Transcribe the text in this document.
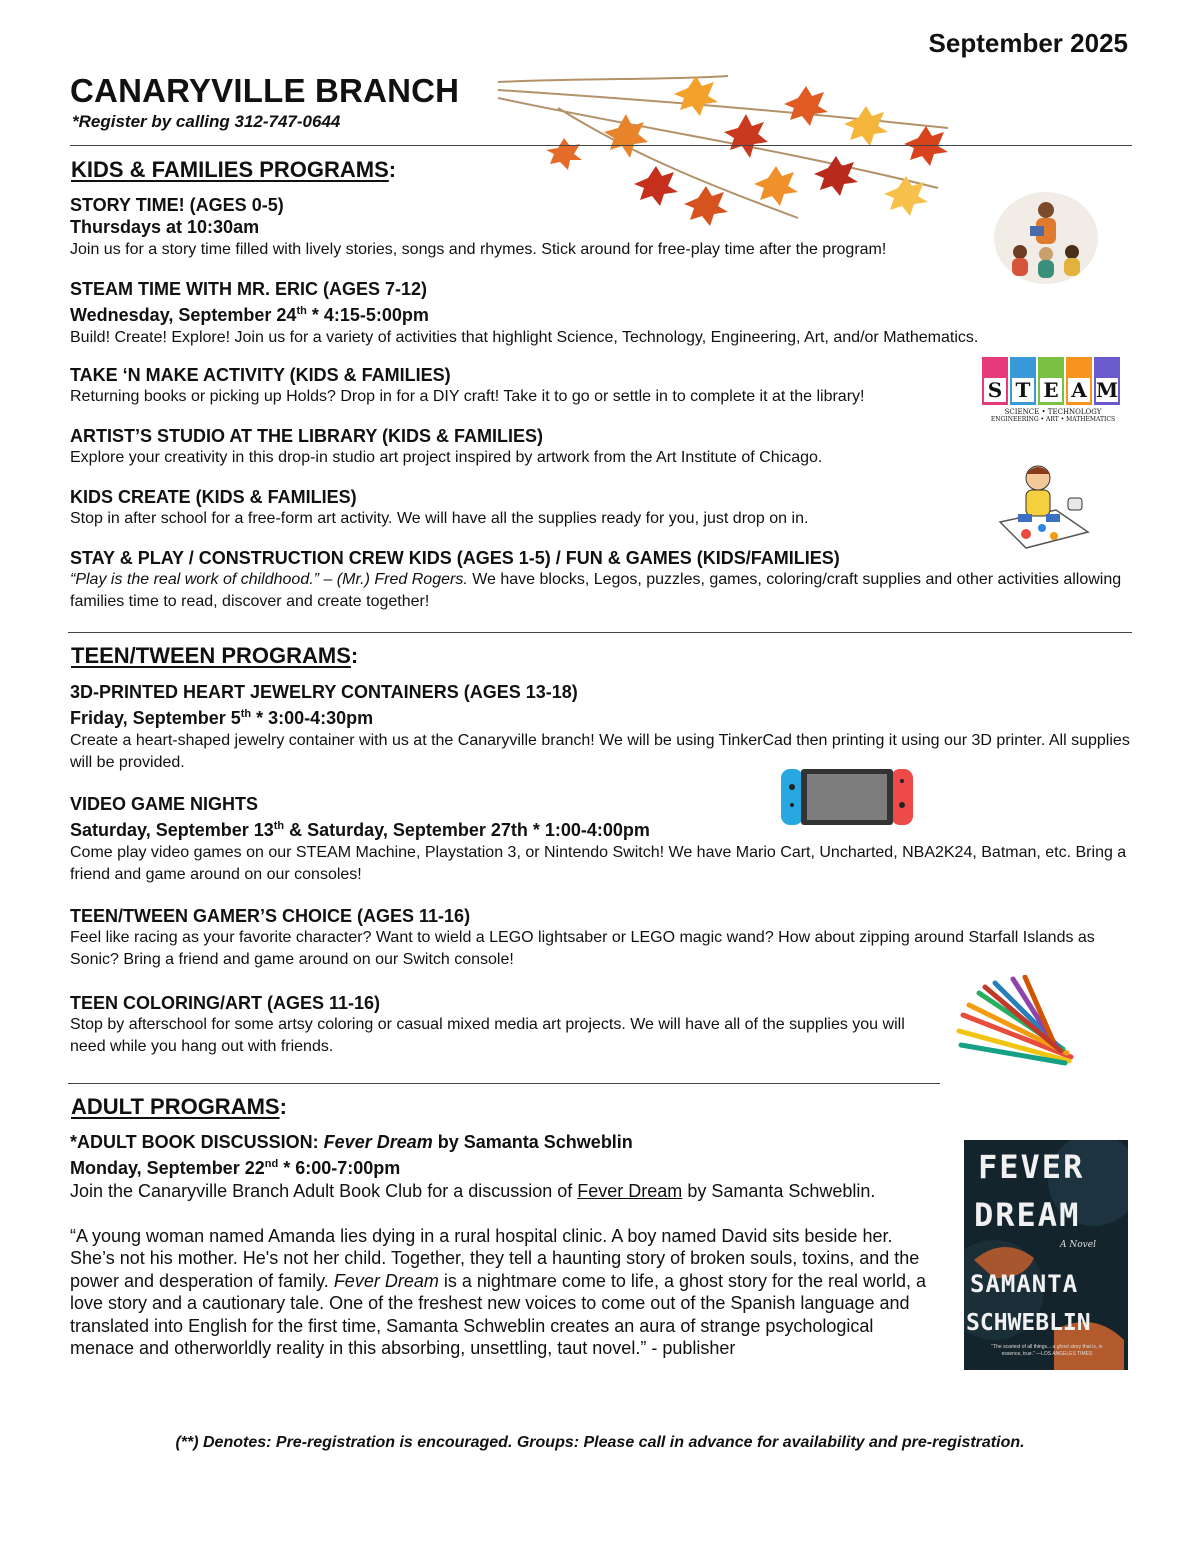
September 2025
CANARYVILLE BRANCH
*Register by calling 312-747-0644
KIDS & FAMILIES PROGRAMS:
STORY TIME! (AGES 0-5)
Thursdays at 10:30am
Join us for a story time filled with lively stories, songs and rhymes. Stick around for free-play time after the program!
STEAM TIME WITH MR. ERIC (AGES 7-12)
Wednesday, September 24th * 4:15-5:00pm
Build! Create! Explore! Join us for a variety of activities that highlight Science, Technology, Engineering, Art, and/or Mathematics.
TAKE ‘N MAKE ACTIVITY (KIDS & FAMILIES)
Returning books or picking up Holds? Drop in for a DIY craft! Take it to go or settle in to complete it at the library!	S T E A M
SCIENCE • TECHNOLOGY
ENGINEERING • ART • MATHEMATICS
ARTIST’S STUDIO AT THE LIBRARY (KIDS & FAMILIES)
Explore your creativity in this drop-in studio art project inspired by artwork from the Art Institute of Chicago.
KIDS CREATE (KIDS & FAMILIES)
Stop in after school for a free-form art activity. We will have all the supplies ready for you, just drop on in.
STAY & PLAY / CONSTRUCTION CREW KIDS (AGES 1-5) / FUN & GAMES (KIDS/FAMILIES)
“Play is the real work of childhood.” – (Mr.) Fred Rogers. We have blocks, Legos, puzzles, games, coloring/craft supplies and other activities allowing families time to read, discover and create together!
TEEN/TWEEN PROGRAMS:
3D-PRINTED HEART JEWELRY CONTAINERS (AGES 13-18)
Friday, September 5th * 3:00-4:30pm
Create a heart-shaped jewelry container with us at the Canaryville branch! We will be using TinkerCad then printing it using our 3D printer. All supplies will be provided.
VIDEO GAME NIGHTS
Saturday, September 13th & Saturday, September 27th * 1:00-4:00pm
Come play video games on our STEAM Machine, Playstation 3, or Nintendo Switch! We have Mario Cart, Uncharted, NBA2K24, Batman, etc. Bring a friend and game around on our consoles!
TEEN/TWEEN GAMER’S CHOICE (AGES 11-16)
Feel like racing as your favorite character? Want to wield a LEGO lightsaber or LEGO magic wand? How about zipping around Starfall Islands as Sonic? Bring a friend and game around on our Switch console!
TEEN COLORING/ART (AGES 11-16)
Stop by afterschool for some artsy coloring or casual mixed media art projects. We will have all of the supplies you will need while you hang out with friends.
ADULT PROGRAMS:
*ADULT BOOK DISCUSSION: Fever Dream by Samanta Schweblin
Monday, September 22nd * 6:00-7:00pm
Join the Canaryville Branch Adult Book Club for a discussion of Fever Dream by Samanta Schweblin.
“A young woman named Amanda lies dying in a rural hospital clinic. A boy named David sits beside her. She’s not his mother. He's not her child. Together, they tell a haunting story of broken souls, toxins, and the power and desperation of family. Fever Dream is a nightmare come to life, a ghost story for the real world, a love story and a cautionary tale. One of the freshest new voices to come out of the Spanish language and translated into English for the first time, Samanta Schweblin creates an aura of strange psychological menace and otherworldly reality in this absorbing, unsettling, taut novel.” - publisher
FEVER
DREAM
A Novel
SAMANTA
SCHWEBLIN
“The scariest of all things... a ghost story that is, in essence, true.” —LOS ANGELES TIMES
(**) Denotes: Pre-registration is encouraged. Groups: Please call in advance for availability and pre-registration.
